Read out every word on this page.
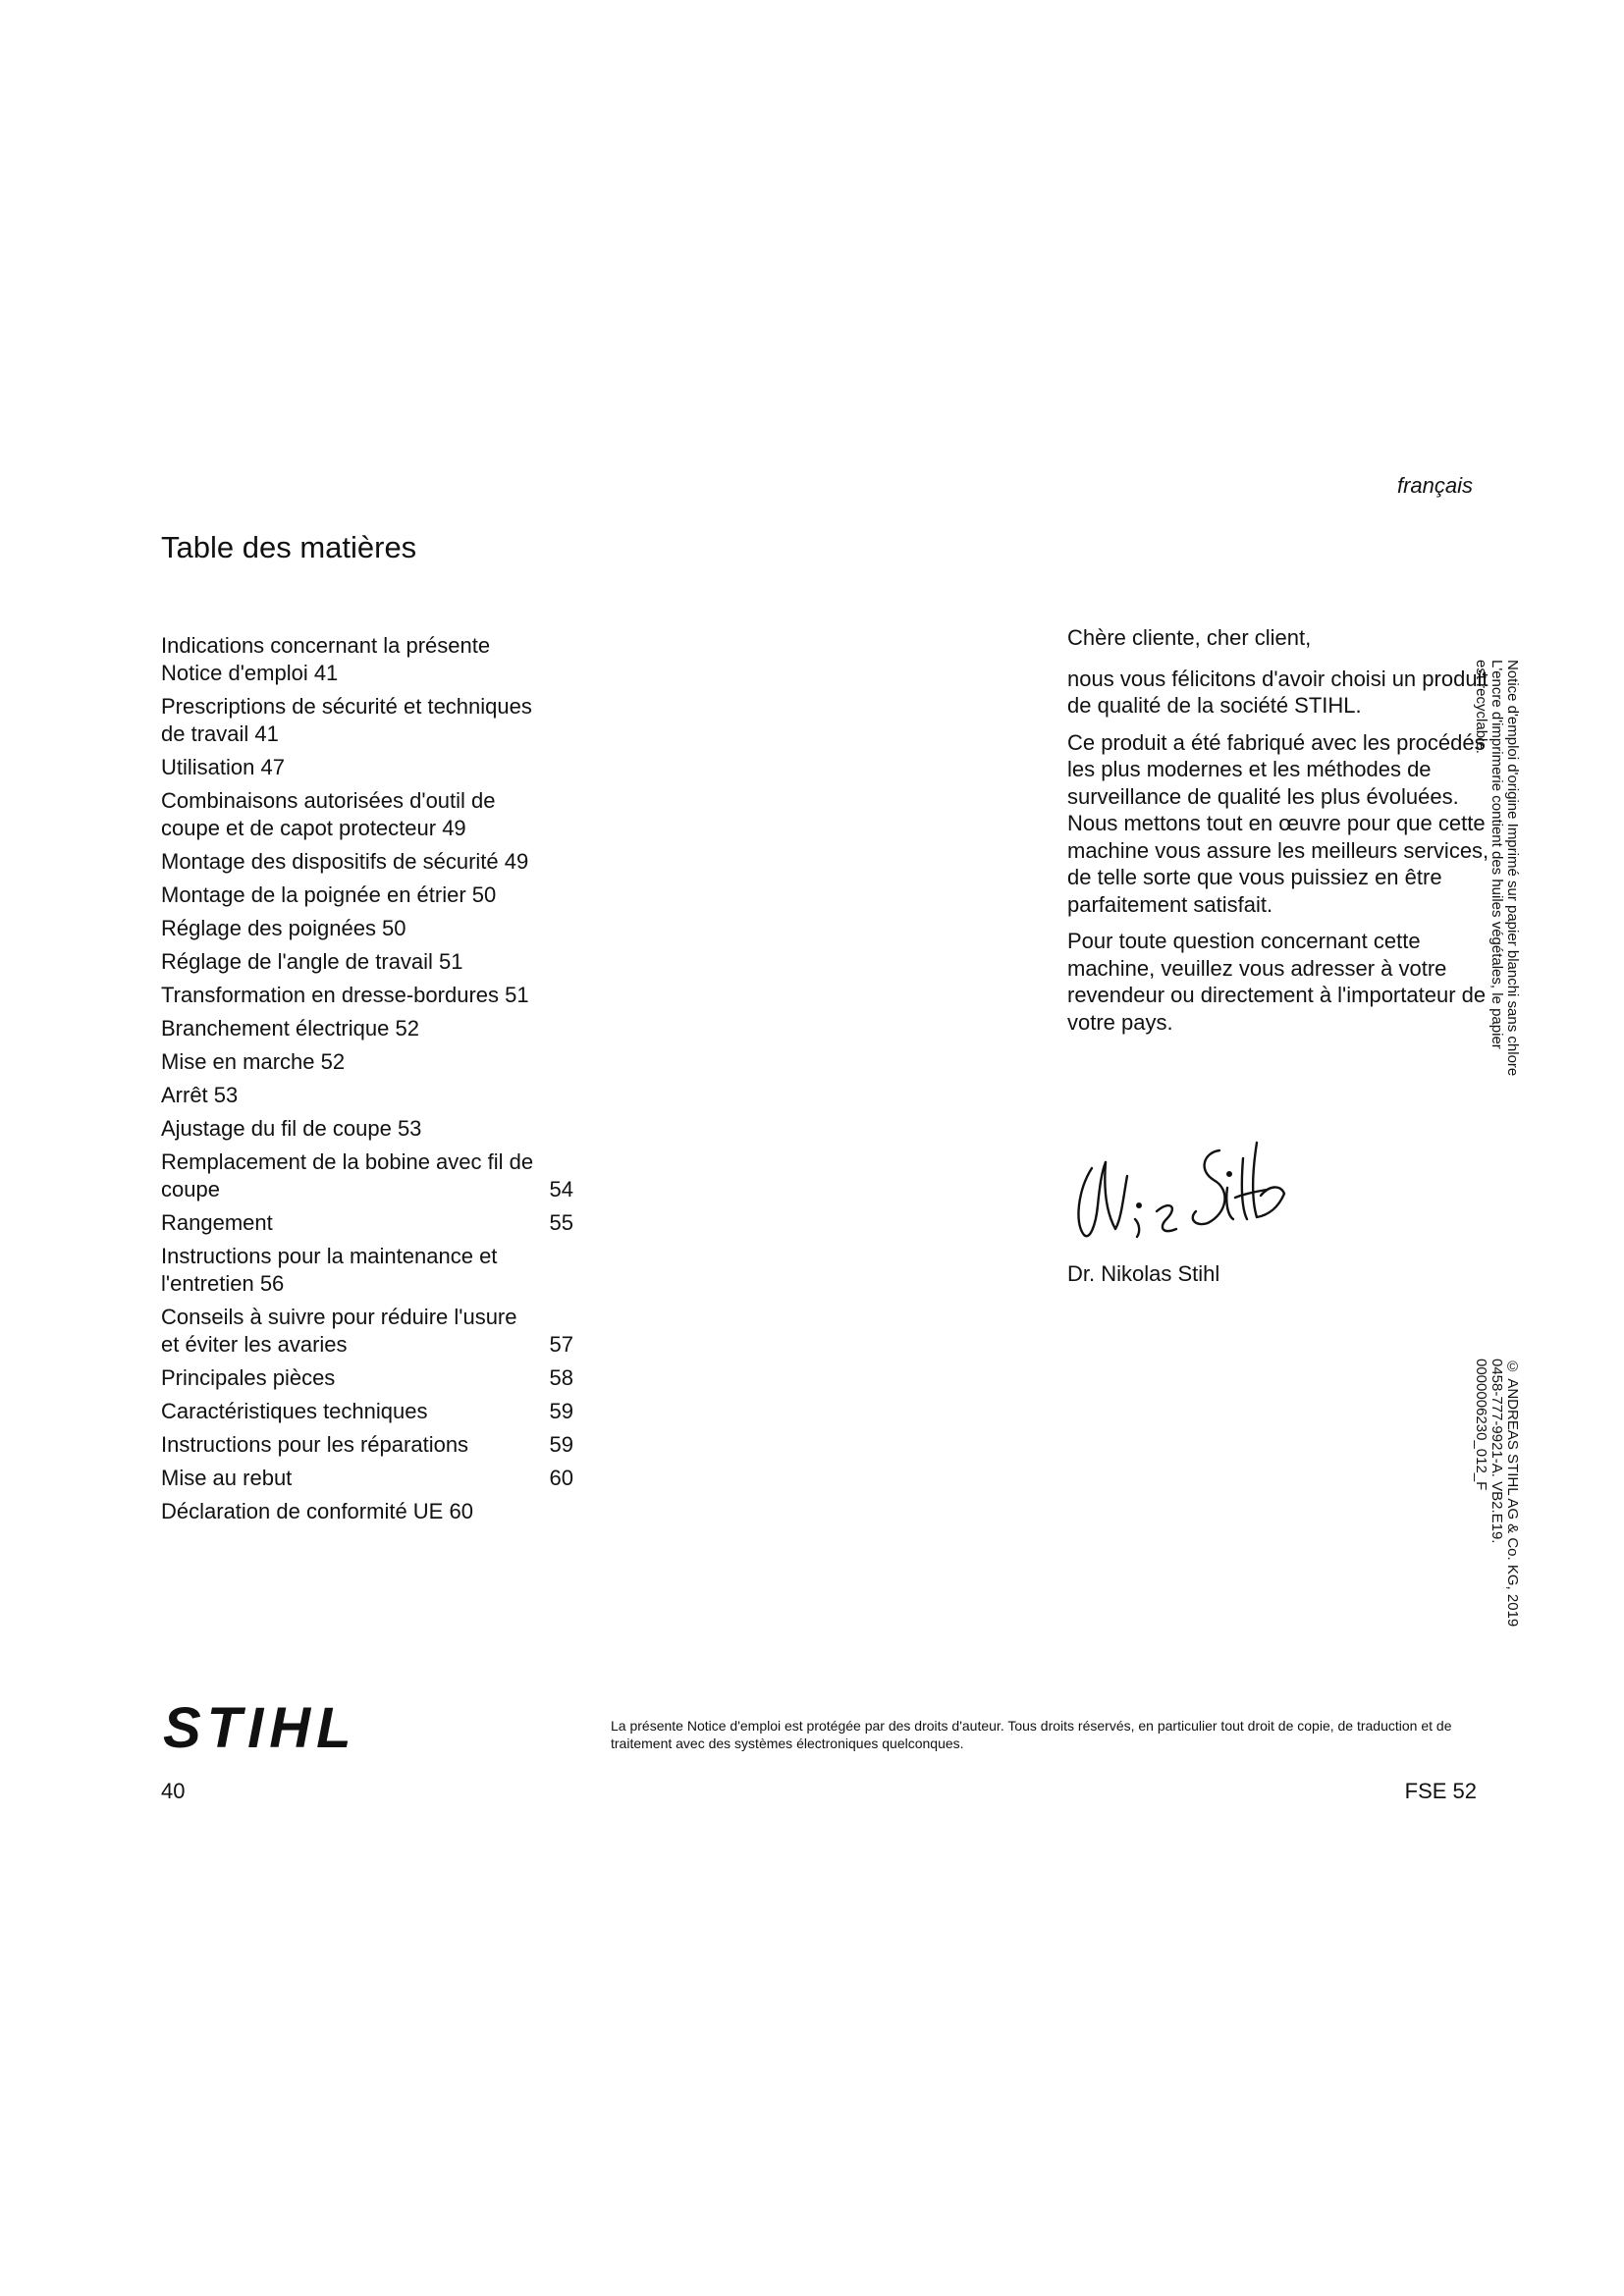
français
Table des matières
Indications concernant la présente Notice d'emploi 41
Prescriptions de sécurité et techniques de travail 41
Utilisation 47
Combinaisons autorisées d'outil de coupe et de capot protecteur 49
Montage des dispositifs de sécurité 49
Montage de la poignée en étrier 50
Réglage des poignées 50
Réglage de l'angle de travail 51
Transformation en dresse-bordures 51
Branchement électrique 52
Mise en marche 52
Arrêt 53
Ajustage du fil de coupe 53
Remplacement de la bobine avec fil de coupe	54
Rangement	55
Instructions pour la maintenance et l'entretien 56
Conseils à suivre pour réduire l'usure et éviter les avaries	57
Principales pièces	58
Caractéristiques techniques	59
Instructions pour les réparations	59
Mise au rebut	60
Déclaration de conformité UE 60

Chère cliente, cher client,

nous vous félicitons d'avoir choisi un produit de qualité de la société STIHL.

Ce produit a été fabriqué avec les procédés les plus modernes et les méthodes de surveillance de qualité les plus évoluées. Nous mettons tout en œuvre pour que cette machine vous assure les meilleurs services, de telle sorte que vous puissiez en être parfaitement satisfait.

Pour toute question concernant cette machine, veuillez vous adresser à votre revendeur ou directement à l'importateur de votre pays.

Dr. Nikolas Stihl
Notice d'emploi d'origine Imprimé sur papier blanchi sans chlore
L'encre d'imprimerie contient des huiles végétales, le papier
est recyclable.
© ANDREAS STIHL AG & Co. KG, 2019
0458-777-9921-A. VB2.E19.
0000006230_012_F
STIHL	La présente Notice d'emploi est protégée par des droits d'auteur. Tous droits réservés, en particulier tout droit de copie, de traduction et de traitement avec des systèmes électroniques quelconques.
40	FSE 52
